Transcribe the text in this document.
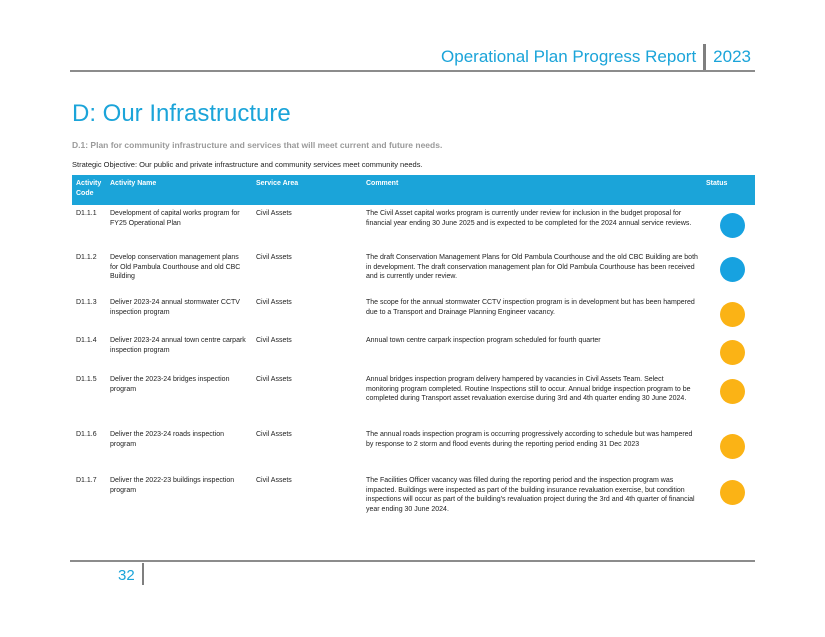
Operational Plan Progress Report	2023
D: Our Infrastructure
D.1: Plan for community infrastructure and services that will meet current and future needs.
Strategic Objective: Our public and private infrastructure and community services meet community needs.
Activity Code	Activity Name	Service Area	Comment	Status
D1.1.1	Development of capital works program for FY25 Operational Plan	Civil Assets	The Civil Asset capital works program is currently under review for inclusion in the budget proposal for financial year ending 30 June 2025 and is expected to be completed for the 2024 annual service reviews.	

D1.1.2	Develop conservation management plans for Old Pambula Courthouse and old CBC Building	Civil Assets	The draft Conservation Management Plans for Old Pambula Courthouse and the old CBC Building are both in development. The draft conservation management plan for Old Pambula Courthouse has been received and is currently under review.	

D1.1.3	Deliver 2023-24 annual stormwater CCTV inspection program	Civil Assets	The scope for the annual stormwater CCTV inspection program is in development but has been hampered due to a Transport and Drainage Planning Engineer vacancy.	

D1.1.4	Deliver 2023-24 annual town centre carpark inspection program	Civil Assets	Annual town centre carpark inspection program scheduled for fourth quarter	

D1.1.5	Deliver the 2023-24 bridges inspection program	Civil Assets	Annual bridges inspection program delivery hampered by vacancies in Civil Assets Team. Select monitoring program completed. Routine Inspections still to occur. Annual bridge inspection program to be completed during Transport asset revaluation exercise during 3rd and 4th quarter ending 30 June 2024.	

D1.1.6	Deliver the 2023-24 roads inspection program	Civil Assets	The annual roads inspection program is occurring progressively according to schedule but was hampered by response to 2 storm and flood events during the reporting period ending 31 Dec 2023	

D1.1.7	Deliver the 2022-23 buildings inspection program	Civil Assets	The Facilities Officer vacancy was filled during the reporting period and the inspection program was impacted. Buildings were inspected as part of the building insurance revaluation exercise, but condition inspections will occur as part of the building's revaluation project during the 3rd and 4th quarter of financial year ending 30 June 2024.	
32
